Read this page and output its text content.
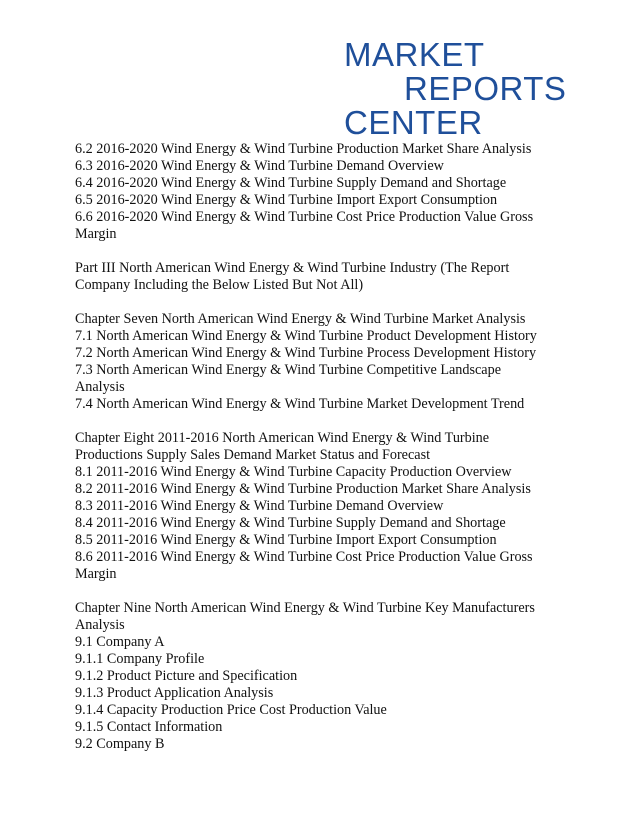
MARKET
REPORTS
CENTER
6.2 2016-2020 Wind Energy & Wind Turbine Production Market Share Analysis
6.3 2016-2020 Wind Energy & Wind Turbine Demand Overview
6.4 2016-2020 Wind Energy & Wind Turbine Supply Demand and Shortage
6.5 2016-2020 Wind Energy & Wind Turbine Import Export Consumption
6.6 2016-2020 Wind Energy & Wind Turbine Cost Price Production Value Gross
Margin
Part III North American Wind Energy & Wind Turbine Industry (The Report
Company Including the Below Listed But Not All)
Chapter Seven North American Wind Energy & Wind Turbine Market Analysis
7.1 North American Wind Energy & Wind Turbine Product Development History
7.2 North American Wind Energy & Wind Turbine Process Development History
7.3 North American Wind Energy & Wind Turbine Competitive Landscape
Analysis
7.4 North American Wind Energy & Wind Turbine Market Development Trend
Chapter Eight 2011-2016 North American Wind Energy & Wind Turbine
Productions Supply Sales Demand Market Status and Forecast
8.1 2011-2016 Wind Energy & Wind Turbine Capacity Production Overview
8.2 2011-2016 Wind Energy & Wind Turbine Production Market Share Analysis
8.3 2011-2016 Wind Energy & Wind Turbine Demand Overview
8.4 2011-2016 Wind Energy & Wind Turbine Supply Demand and Shortage
8.5 2011-2016 Wind Energy & Wind Turbine Import Export Consumption
8.6 2011-2016 Wind Energy & Wind Turbine Cost Price Production Value Gross
Margin
Chapter Nine North American Wind Energy & Wind Turbine Key Manufacturers
Analysis
9.1 Company A
9.1.1 Company Profile
9.1.2 Product Picture and Specification
9.1.3 Product Application Analysis
9.1.4 Capacity Production Price Cost Production Value
9.1.5 Contact Information
9.2 Company B
